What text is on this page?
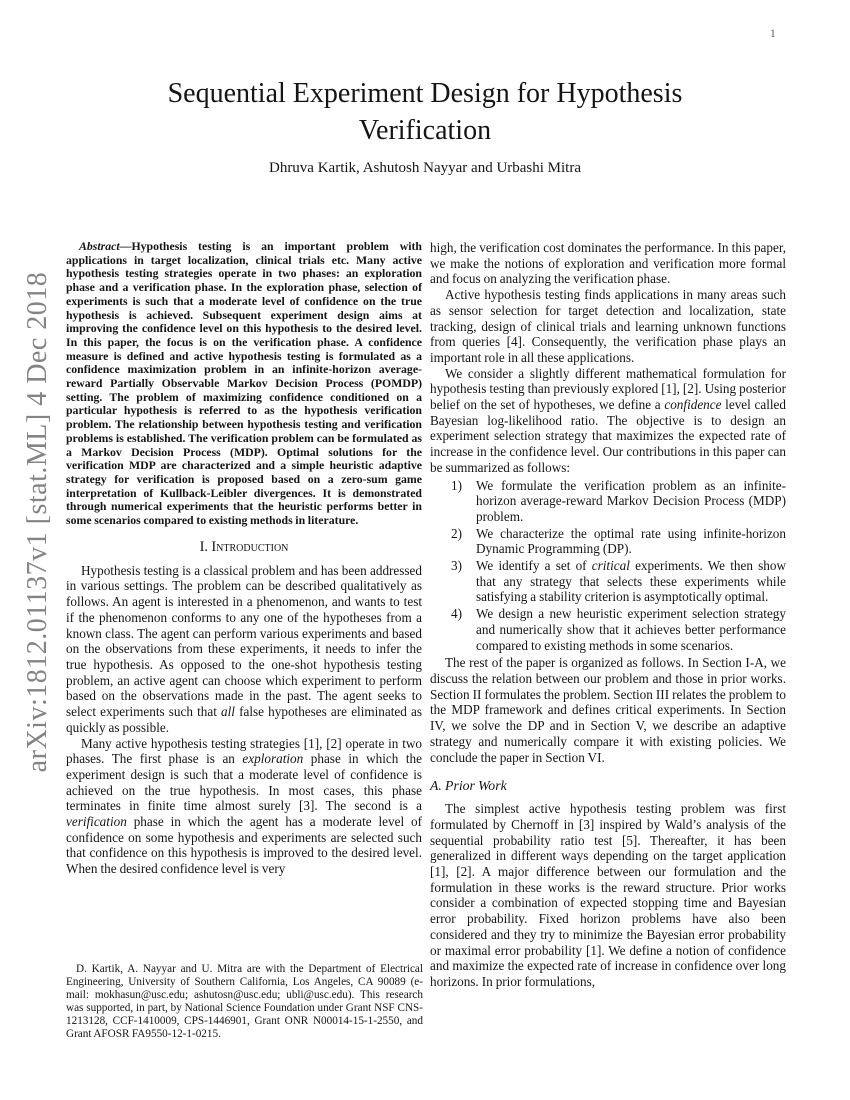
1
arXiv:1812.01137v1 [stat.ML] 4 Dec 2018
Sequential Experiment Design for Hypothesis Verification
Dhruva Kartik, Ashutosh Nayyar and Urbashi Mitra

Abstract—Hypothesis testing is an important problem with applications in target localization, clinical trials etc. Many active hypothesis testing strategies operate in two phases: an exploration phase and a verification phase. In the exploration phase, selection of experiments is such that a moderate level of confidence on the true hypothesis is achieved. Subsequent experiment design aims at improving the confidence level on this hypothesis to the desired level. In this paper, the focus is on the verification phase. A confidence measure is defined and active hypothesis testing is formulated as a confidence maximization problem in an infinite-horizon average-reward Partially Observable Markov Decision Process (POMDP) setting. The problem of maximizing confidence conditioned on a particular hypothesis is referred to as the hypothesis verification problem. The relationship between hypothesis testing and verification problems is established. The verification problem can be formulated as a Markov Decision Process (MDP). Optimal solutions for the verification MDP are characterized and a simple heuristic adaptive strategy for verification is proposed based on a zero-sum game interpretation of Kullback-Leibler divergences. It is demonstrated through numerical experiments that the heuristic performs better in some scenarios compared to existing methods in literature.

I. Introduction

Hypothesis testing is a classical problem and has been addressed in various settings. The problem can be described qualitatively as follows. An agent is interested in a phenomenon, and wants to test if the phenomenon conforms to any one of the hypotheses from a known class. The agent can perform various experiments and based on the observations from these experiments, it needs to infer the true hypothesis. As opposed to the one-shot hypothesis testing problem, an active agent can choose which experiment to perform based on the observations made in the past. The agent seeks to select experiments such that all false hypotheses are eliminated as quickly as possible.

Many active hypothesis testing strategies [1], [2] operate in two phases. The first phase is an exploration phase in which the experiment design is such that a moderate level of confidence is achieved on the true hypothesis. In most cases, this phase terminates in finite time almost surely [3]. The second is a verification phase in which the agent has a moderate level of confidence on some hypothesis and experiments are selected such that confidence on this hypothesis is improved to the desired level. When the desired confidence level is very

high, the verification cost dominates the performance. In this paper, we make the notions of exploration and verification more formal and focus on analyzing the verification phase.

Active hypothesis testing finds applications in many areas such as sensor selection for target detection and localization, state tracking, design of clinical trials and learning unknown functions from queries [4]. Consequently, the verification phase plays an important role in all these applications.

We consider a slightly different mathematical formulation for hypothesis testing than previously explored [1], [2]. Using posterior belief on the set of hypotheses, we define a confidence level called Bayesian log-likelihood ratio. The objective is to design an experiment selection strategy that maximizes the expected rate of increase in the confidence level. Our contributions in this paper can be summarized as follows:

1) We formulate the verification problem as an infinite-horizon average-reward Markov Decision Process (MDP) problem.
2) We characterize the optimal rate using infinite-horizon Dynamic Programming (DP).
3) We identify a set of critical experiments. We then show that any strategy that selects these experiments while satisfying a stability criterion is asymptotically optimal.
4) We design a new heuristic experiment selection strategy and numerically show that it achieves better performance compared to existing methods in some scenarios.

The rest of the paper is organized as follows. In Section I-A, we discuss the relation between our problem and those in prior works. Section II formulates the problem. Section III relates the problem to the MDP framework and defines critical experiments. In Section IV, we solve the DP and in Section V, we describe an adaptive strategy and numerically compare it with existing policies. We conclude the paper in Section VI.

A. Prior Work

The simplest active hypothesis testing problem was first formulated by Chernoff in [3] inspired by Wald’s analysis of the sequential probability ratio test [5]. Thereafter, it has been generalized in different ways depending on the target application [1], [2]. A major difference between our formulation and the formulation in these works is the reward structure. Prior works consider a combination of expected stopping time and Bayesian error probability. Fixed horizon problems have also been considered and they try to minimize the Bayesian error probability or maximal error probability [1]. We define a notion of confidence and maximize the expected rate of increase in confidence over long horizons. In prior formulations,

D. Kartik, A. Nayyar and U. Mitra are with the Department of Electrical Engineering, University of Southern California, Los Angeles, CA 90089 (e-mail: mokhasun@usc.edu; ashutosn@usc.edu; ubli@usc.edu). This research was supported, in part, by National Science Foundation under Grant NSF CNS-1213128, CCF-1410009, CPS-1446901, Grant ONR N00014-15-1-2550, and Grant AFOSR FA9550-12-1-0215.
